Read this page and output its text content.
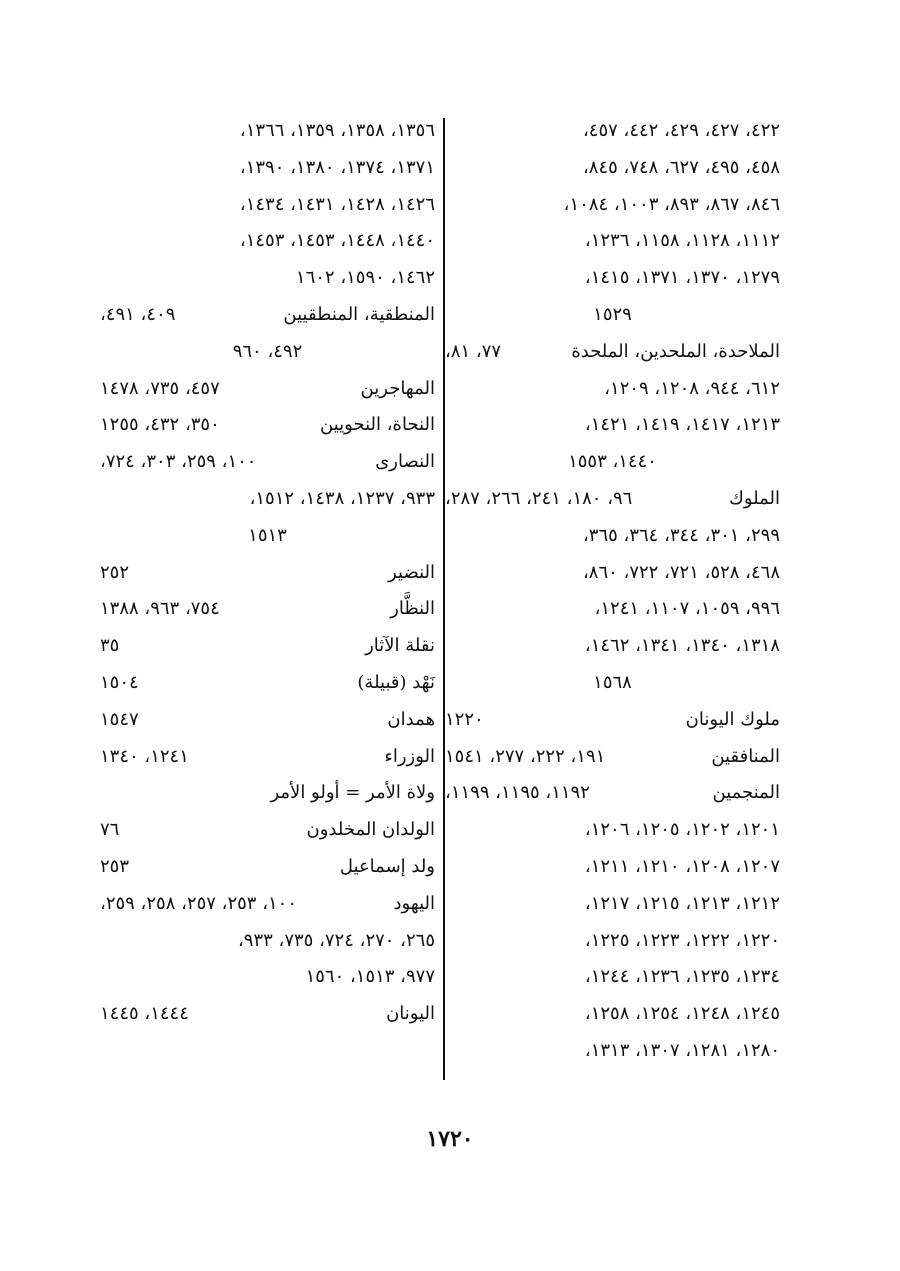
٤٢٢، ٤٢٧، ٤٢٩، ٤٤٢، ٤٥٧،
٤٥٨، ٤٩٥، ٦٢٧، ٧٤٨، ٨٤٥،
٨٤٦، ٨٦٧، ٨٩٣، ١٠٠٣، ١٠٨٤،
١١١٢، ١١٢٨، ١١٥٨، ١٢٣٦،
١٢٧٩، ١٣٧٠، ١٣٧١، ١٤١٥،
١٥٢٩
الملاحدة، الملحدين، الملحدة
٧٧، ٨١،
٦١٢، ٩٤٤، ١٢٠٨، ١٢٠٩،
١٢١٣، ١٤١٧، ١٤١٩، ١٤٢١،
١٤٤٠، ١٥٥٣
الملوك
٩٦، ١٨٠، ٢٤١، ٢٦٦، ٢٨٧،
٢٩٩، ٣٠١، ٣٤٤، ٣٦٤، ٣٦٥،
٤٦٨، ٥٢٨، ٧٢١، ٧٢٢، ٨٦٠،
٩٩٦، ١٠٥٩، ١١٠٧، ١٢٤١،
١٣١٨، ١٣٤٠، ١٣٤١، ١٤٦٢،
١٥٦٨
ملوك اليونان
١٢٢٠
المنافقين
١٩١، ٢٢٢، ٢٧٧، ١٥٤١
المنجمين
١١٩٢، ١١٩٥، ١١٩٩،
١٢٠١، ١٢٠٢، ١٢٠٥، ١٢٠٦،
١٢٠٧، ١٢٠٨، ١٢١٠، ١٢١١،
١٢١٢، ١٢١٣، ١٢١٥، ١٢١٧،
١٢٢٠، ١٢٢٢، ١٢٢٣، ١٢٢٥،
١٢٣٤، ١٢٣٥، ١٢٣٦، ١٢٤٤،
١٢٤٥، ١٢٤٨، ١٢٥٤، ١٢٥٨،
١٢٨٠، ١٢٨١، ١٣٠٧، ١٣١٣،
١٣٥٦، ١٣٥٨، ١٣٥٩، ١٣٦٦،
١٣٧١، ١٣٧٤، ١٣٨٠، ١٣٩٠،
١٤٢٦، ١٤٢٨، ١٤٣١، ١٤٣٤،
١٤٤٠، ١٤٤٨، ١٤٥٣، ١٤٥٣،
١٤٦٢، ١٥٩٠، ١٦٠٢
المنطقية، المنطقيين
٤٠٩، ٤٩١،
٤٩٢، ٩٦٠
المهاجرين
٤٥٧، ٧٣٥، ١٤٧٨
النحاة، النحويين
٣٥٠، ٤٣٢، ١٢٥٥
النصارى
١٠٠، ٢٥٩، ٣٠٣، ٧٢٤،
٩٣٣، ١٢٣٧، ١٤٣٨، ١٥١٢،
١٥١٣
النضير
٢٥٢
النظَّار
٧٥٤، ٩٦٣، ١٣٨٨
نقلة الآثار
٣٥
نَهْد (قبيلة)
١٥٠٤
همدان
١٥٤٧
الوزراء
١٢٤١، ١٣٤٠
ولاة الأمر = أولو الأمر
الولدان المخلدون
٧٦
ولد إسماعيل
٢٥٣
اليهود
١٠٠، ٢٥٣، ٢٥٧، ٢٥٨، ٢٥٩،
٢٦٥، ٢٧٠، ٧٢٤، ٧٣٥، ٩٣٣،
٩٧٧، ١٥١٣، ١٥٦٠
اليونان
١٤٤٤، ١٤٤٥
١٧٢٠
